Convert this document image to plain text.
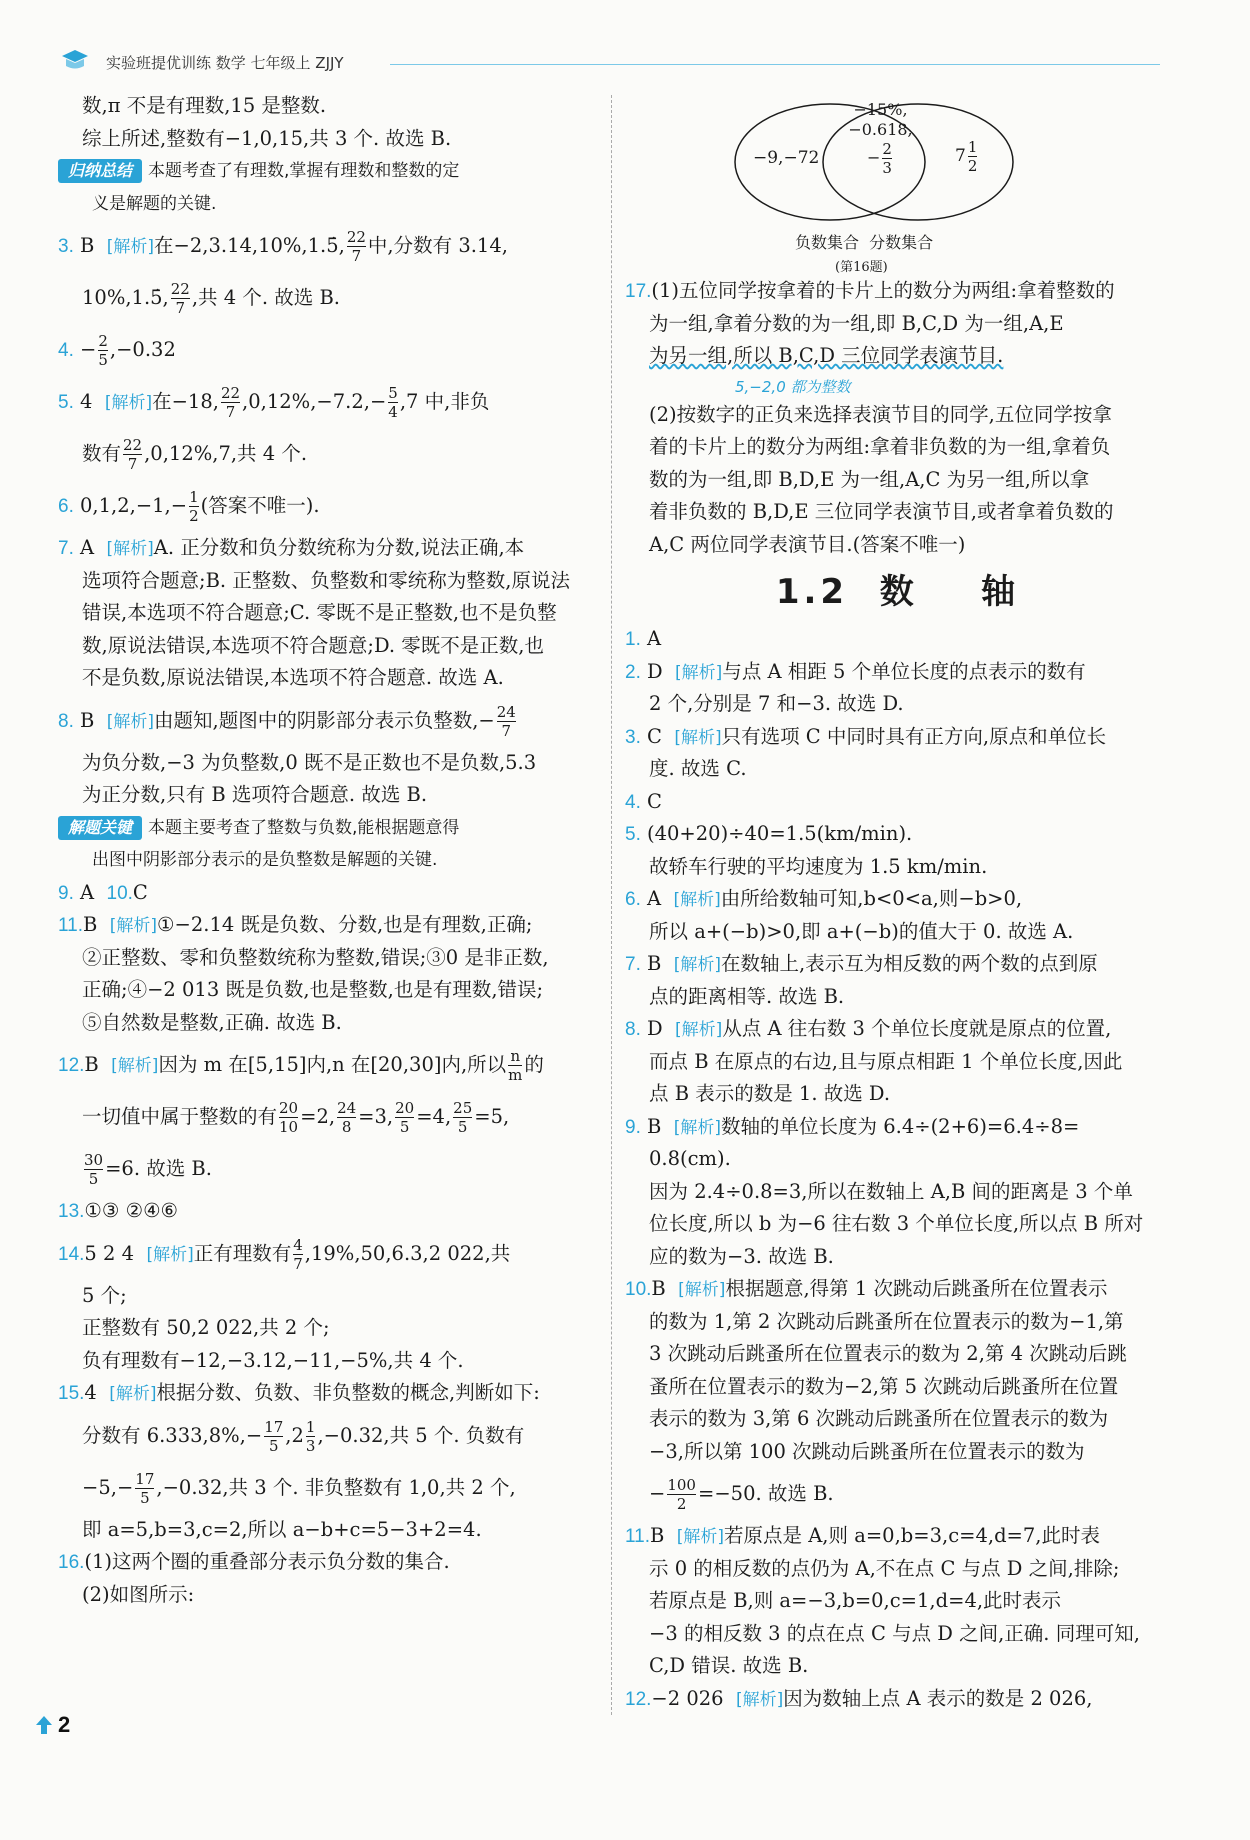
实验班提优训练 数学 七年级上 ZJJY
数,π 不是有理数,15 是整数.
综上所述,整数有−1,0,15,共 3 个. 故选 B.
归纳总结 本题考查了有理数,掌握有理数和整数的定
义是解题的关键.
3. B [解析]在−2,3.14,10%,1.5̇, $\frac{22}{7}$ 中,分数有 3.14,
10%,1.5̇, $\frac{22}{7}$ ,共 4 个. 故选 B.
4. − $\frac{2}{5} ,-0.32$
5. 4 [解析]在−18, $\frac{22}{7} ,0,12\%,-7.2,- \frac{5}{4} ,7$ 中,非负
数有 $\frac{22}{7} ,0,12\%,7$,共 4 个.
6. $0,1,2,-1,- \frac{1}{2}$ (答案不唯一).
7. A [解析]A. 正分数和负分数统称为分数,说法正确,本
选项符合题意;B. 正整数、负整数和零统称为整数,原说法
错误,本选项不符合题意;C. 零既不是正整数,也不是负整
数,原说法错误,本选项不符合题意;D. 零既不是正数,也
不是负数,原说法错误,本选项不符合题意. 故选 A.
8. B [解析]由题知,题图中的阴影部分表示负整数,− $\frac{24}{7}$
为负分数,−3 为负整数,0 既不是正数也不是负数,5.3
为正分数,只有 B 选项符合题意. 故选 B.
解题关键 本题主要考查了整数与负数,能根据题意得
出图中阴影部分表示的是负整数是解题的关键.
9. A 10.C
11.B [解析]①−2.14 既是负数、分数,也是有理数,正确;
②正整数、零和负整数统称为整数,错误;③0 是非正数,
正确;④−2 013 既是负数,也是整数,也是有理数,错误;
⑤自然数是整数,正确. 故选 B.
12.B [解析]因为 m 在[5,15]内,n 在[20,30]内,所以 $\frac{n}{m}$ 的
一切值中属于整数的有 $\frac{20}{10} =2$, $\frac{24}{8} =3$, $\frac{20}{5} =4$, $\frac{25}{5} =5$,
$\frac{30}{5} =6$. 故选 B.
13.①③ ②④⑥
14.5 2 4 [解析]正有理数有 $\frac{4}{7} ,19\%,50,6.3,2$ 022,共
5 个;
正整数有 50,2 022,共 2 个;
负有理数有−12,−3.12,−11,−5%,共 4 个.
15.4 [解析]根据分数、负数、非负整数的概念,判断如下:
分数有 $6.333,8\%,- \frac{17}{5} ,2 \frac{1}{3} ,-0.32$,共 5 个. 负数有
$-5,- \frac{17}{5} ,-0.32$,共 3 个. 非负整数有 1,0,共 2 个,
即 a=5,b=3,c=2,所以 a−b+c=5−3+2=4.
16.(1)这两个圈的重叠部分表示负分数的集合.
(2)如图所示:
−9,−72
−15%,
−0.618,
− $\frac{2}{3}$	$7 \frac{1}{2}$
负数集合  分数集合
(第16题)
17.(1)五位同学按拿着的卡片上的数分为两组:拿着整数的
为一组,拿着分数的为一组,即 B,C,D 为一组,A,E
为另一组,所以 B,C,D 三位同学表演节目.
5,−2,0 都为整数
(2)按数字的正负来选择表演节目的同学,五位同学按拿
着的卡片上的数分为两组:拿着非负数的为一组,拿着负
数的为一组,即 B,D,E 为一组,A,C 为另一组,所以拿
着非负数的 B,D,E 三位同学表演节目,或者拿着负数的
A,C 两位同学表演节目.(答案不唯一)
1.2  数    轴
1. A
2. D [解析]与点 A 相距 5 个单位长度的点表示的数有
2 个,分别是 7 和−3. 故选 D.
3. C [解析]只有选项 C 中同时具有正方向,原点和单位长
度. 故选 C.
4. C
5. (40+20)÷40=1.5(km/min).
故轿车行驶的平均速度为 1.5 km/min.
6. A [解析]由所给数轴可知,b<0<a,则−b>0,
所以 a+(−b)>0,即 a+(−b)的值大于 0. 故选 A.
7. B [解析]在数轴上,表示互为相反数的两个数的点到原
点的距离相等. 故选 B.
8. D [解析]从点 A 往右数 3 个单位长度就是原点的位置,
而点 B 在原点的右边,且与原点相距 1 个单位长度,因此
点 B 表示的数是 1. 故选 D.
9. B [解析]数轴的单位长度为 6.4÷(2+6)=6.4÷8=
0.8(cm).
因为 2.4÷0.8=3,所以在数轴上 A,B 间的距离是 3 个单
位长度,所以 b 为−6 往右数 3 个单位长度,所以点 B 所对
应的数为−3. 故选 B.
10.B [解析]根据题意,得第 1 次跳动后跳蚤所在位置表示
的数为 1,第 2 次跳动后跳蚤所在位置表示的数为−1,第
3 次跳动后跳蚤所在位置表示的数为 2,第 4 次跳动后跳
蚤所在位置表示的数为−2,第 5 次跳动后跳蚤所在位置
表示的数为 3,第 6 次跳动后跳蚤所在位置表示的数为
−3,所以第 100 次跳动后跳蚤所在位置表示的数为
− $\frac{100}{2} =-50$. 故选 B.
11.B [解析]若原点是 A,则 a=0,b=3,c=4,d=7,此时表
示 0 的相反数的点仍为 A,不在点 C 与点 D 之间,排除;
若原点是 B,则 a=−3,b=0,c=1,d=4,此时表示
−3 的相反数 3 的点在点 C 与点 D 之间,正确. 同理可知,
C,D 错误. 故选 B.
12.−2 026 [解析]因为数轴上点 A 表示的数是 2 026,
2
